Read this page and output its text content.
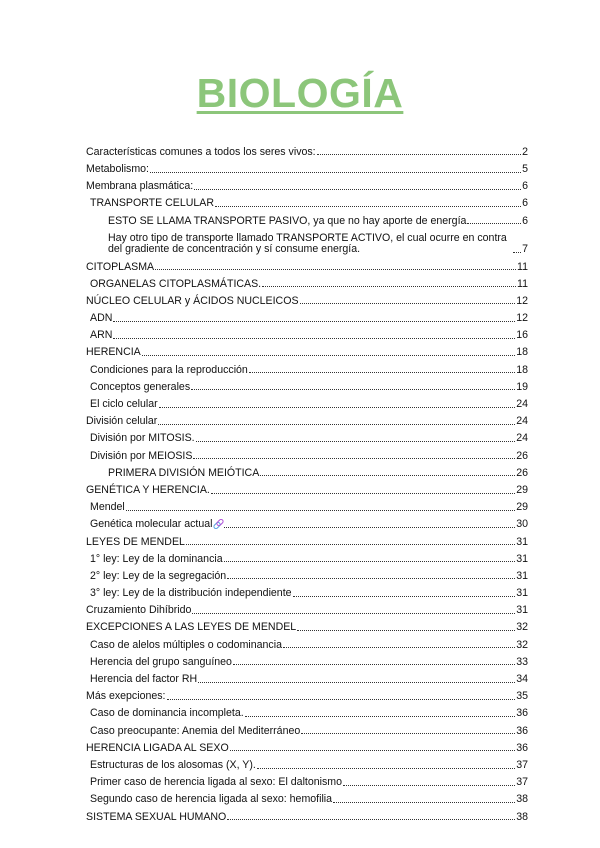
BIOLOGÍA
Características comunes a todos los seres vivos:	2
Metabolismo:	5
Membrana plasmática:	6
TRANSPORTE CELULAR	6
ESTO SE LLAMA TRANSPORTE PASIVO, ya que no hay aporte de energía	6
Hay otro tipo de transporte llamado TRANSPORTE ACTIVO, el cual ocurre en contra del gradiente de concentración y sí consume energía.	7
CITOPLASMA	11
ORGANELAS CITOPLASMÁTICAS.	11
NÚCLEO CELULAR y ÁCIDOS NUCLEICOS	12
ADN	12
ARN	16
HERENCIA	18
Condiciones para la reproducción	18
Conceptos generales	19
El ciclo celular	24
División celular	24
División por MITOSIS.	24
División por MEIOSIS	26
PRIMERA DIVISIÓN MEIÓTICA	26
GENÉTICA Y HERENCIA.	29
Mendel	29
Genética molecular actual	30
LEYES DE MENDEL	31
1° ley: Ley de la dominancia	31
2° ley: Ley de la segregación	31
3° ley: Ley de la distribución independiente	31
Cruzamiento Dihíbrido	31
EXCEPCIONES A LAS LEYES DE MENDEL	32
Caso de alelos múltiples o codominancia	32
Herencia del grupo sanguíneo	33
Herencia del factor RH	34
Más exepciones:	35
Caso de dominancia incompleta.	36
Caso preocupante: Anemia del Mediterráneo	36
HERENCIA LIGADA AL SEXO	36
Estructuras de los alosomas (X, Y).	37
Primer caso de herencia ligada al sexo: El daltonismo	37
Segundo caso de herencia ligada al sexo: hemofilia	38
SISTEMA SEXUAL HUMANO	38
